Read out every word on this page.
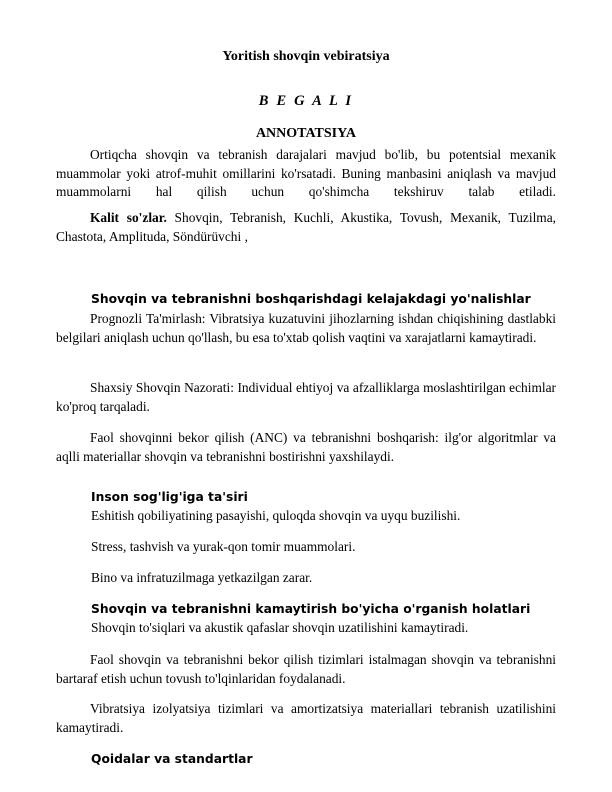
Yoritish shovqin vebiratsiya

B E G A L I

ANNOTATSIYA

Ortiqcha shovqin va tebranish darajalari mavjud bo'lib, bu potentsial mexanik muammolar yoki atrof-muhit omillarini ko'rsatadi. Buning manbasini aniqlash va mavjud muammolarni hal qilish uchun qo'shimcha tekshiruv talab etiladi.

Kalit so'zlar. Shovqin, Tebranish, Kuchli, Akustika, Tovush, Mexanik, Tuzilma, Chastota, Amplituda, Söndürüvchi ,

Shovqin va tebranishni boshqarishdagi kelajakdagi yo'nalishlar

Prognozli Ta'mirlash: Vibratsiya kuzatuvini jihozlarning ishdan chiqishining dastlabki belgilari aniqlash uchun qo'llash, bu esa to'xtab qolish vaqtini va xarajatlarni kamaytiradi.

Shaxsiy Shovqin Nazorati: Individual ehtiyoj va afzalliklarga moslashtirilgan echimlar ko'proq tarqaladi.

Faol shovqinni bekor qilish (ANC) va tebranishni boshqarish: ilg'or algoritmlar va aqlli materiallar shovqin va tebranishni bostirishni yaxshilaydi.

Inson sog'lig'iga ta'siri

Eshitish qobiliyatining pasayishi, quloqda shovqin va uyqu buzilishi.

Stress, tashvish va yurak-qon tomir muammolari.

Bino va infratuzilmaga yetkazilgan zarar.

Shovqin va tebranishni kamaytirish bo'yicha o'rganish holatlari

Shovqin to'siqlari va akustik qafaslar shovqin uzatilishini kamaytiradi.

Faol shovqin va tebranishni bekor qilish tizimlari istalmagan shovqin va tebranishni bartaraf etish uchun tovush to'lqinlaridan foydalanadi.

Vibratsiya izolyatsiya tizimlari va amortizatsiya materiallari tebranish uzatilishini kamaytiradi.

Qoidalar va standartlar
